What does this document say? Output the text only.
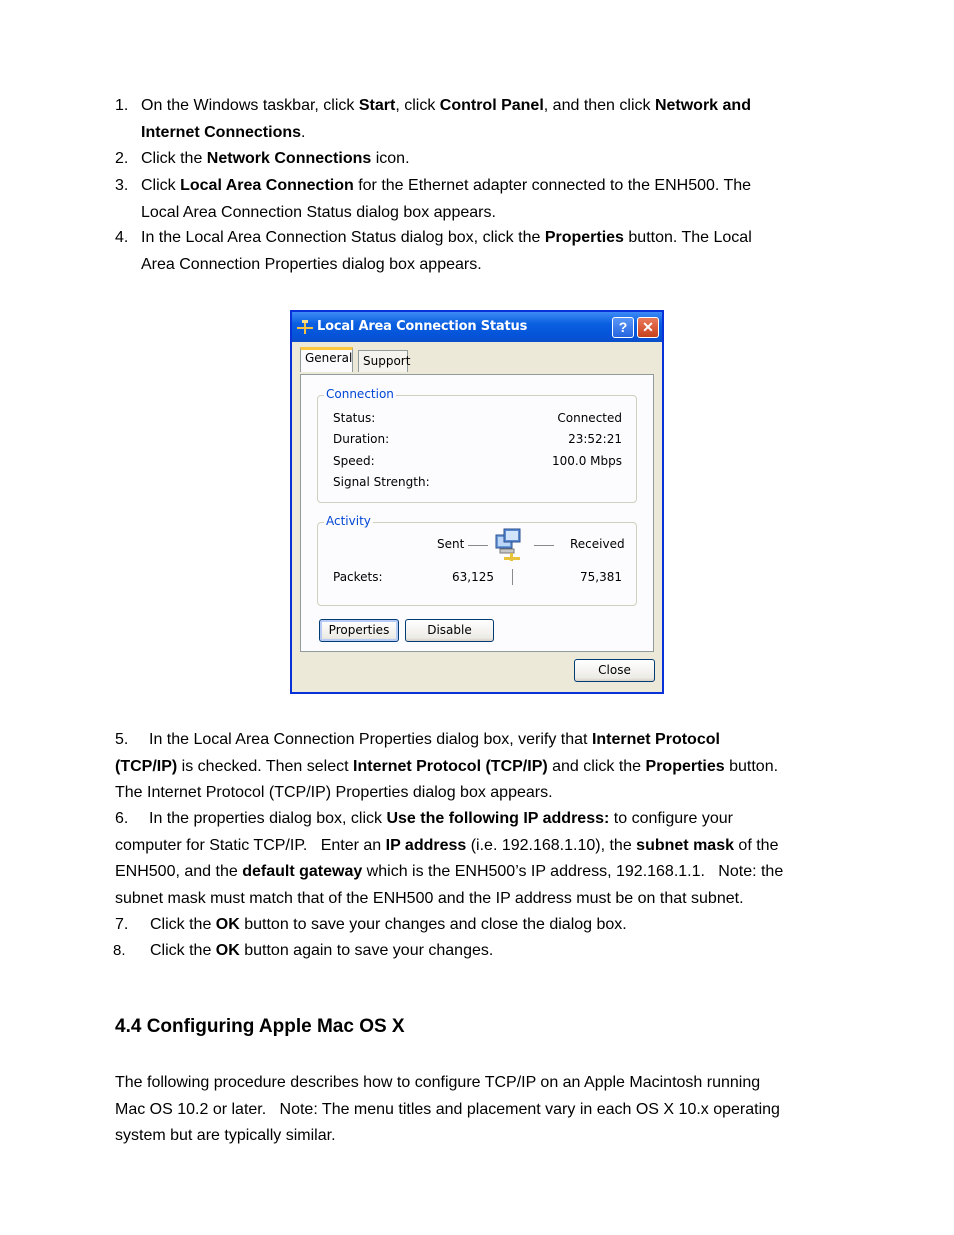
1. On the Windows taskbar, click Start, click Control Panel, and then click Network and
Internet Connections.
2. Click the Network Connections icon.
3. Click Local Area Connection for the Ethernet adapter connected to the ENH500. The
Local Area Connection Status dialog box appears.
4. In the Local Area Connection Status dialog box, click the Properties button. The Local
Area Connection Properties dialog box appears.
Local Area Connection Status	?	✕
General Support
Connection
Status:	Connected
Duration:	23:52:21
Speed:	100.0 Mbps
Signal Strength:
Activity
Sent	Received
Packets:	63,125	75,381
Properties	Disable
Close
5.	In the Local Area Connection Properties dialog box, verify that Internet Protocol
(TCP/IP) is checked. Then select Internet Protocol (TCP/IP) and click the Properties button.
The Internet Protocol (TCP/IP) Properties dialog box appears.
6.	In the properties dialog box, click Use the following IP address: to configure your
computer for Static TCP/IP.   Enter an IP address (i.e. 192.168.1.10), the subnet mask of the
ENH500, and the default gateway which is the ENH500’s IP address, 192.168.1.1.   Note: the
subnet mask must match that of the ENH500 and the IP address must be on that subnet.
7. Click the OK button to save your changes and close the dialog box.
8. Click the OK button again to save your changes.
4.4 Configuring Apple Mac OS X
The following procedure describes how to configure TCP/IP on an Apple Macintosh running
Mac OS 10.2 or later.   Note: The menu titles and placement vary in each OS X 10.x operating
system but are typically similar.
